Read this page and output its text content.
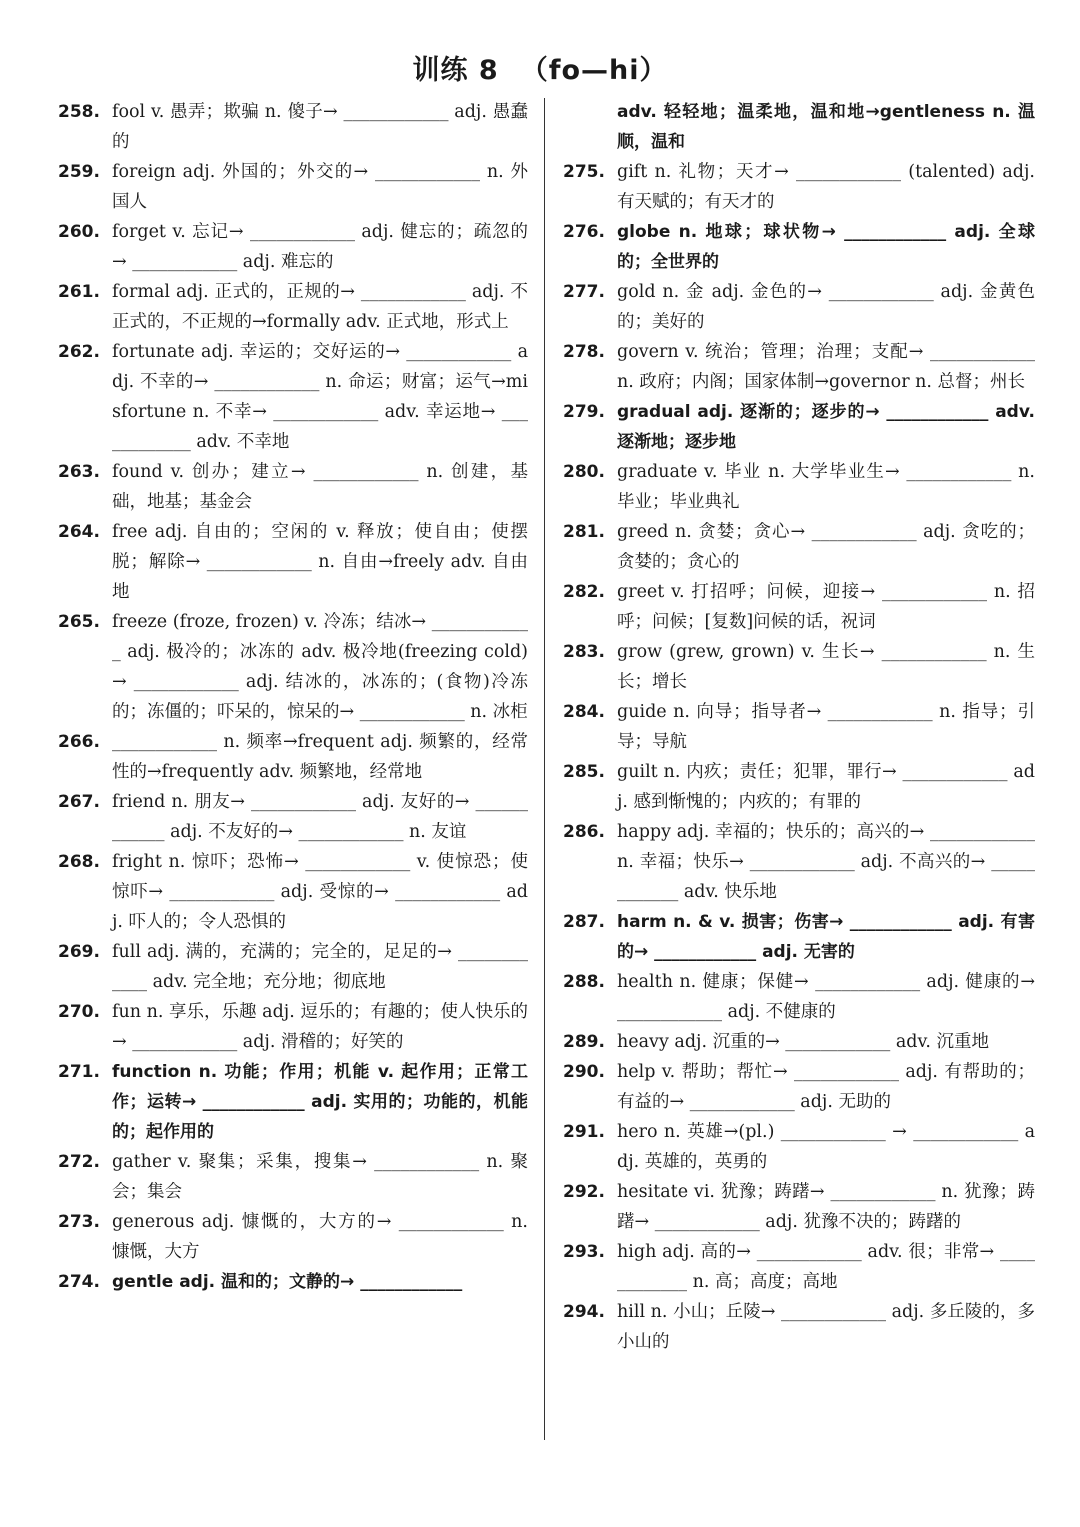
训练 8 （fo—hi）
258. fool v. 愚弄；欺骗 n. 傻子→ ____________ adj. 愚蠢的
259. foreign adj. 外国的；外交的→ ____________ n. 外国人
260. forget v. 忘记→ ____________ adj. 健忘的；疏忽的→ ____________ adj. 难忘的
261. formal adj. 正式的，正规的→ ____________ adj. 不正式的，不正规的→formally adv. 正式地，形式上
262. fortunate adj. 幸运的；交好运的→ ____________ adj. 不幸的→ ____________ n. 命运；财富；运气→misfortune n. 不幸→ ____________ adv. 幸运地→ ____________ adv. 不幸地
263. found v. 创办；建立→ ____________ n. 创建，基础，地基；基金会
264. free adj. 自由的；空闲的 v. 释放；使自由；使摆脱；解除→ ____________ n. 自由→freely adv. 自由地
265. freeze (froze, frozen) v. 冷冻；结冰→ ____________ adj. 极冷的；冰冻的 adv. 极冷地(freezing cold)→ ____________ adj. 结冰的，冰冻的；(食物)冷冻的；冻僵的；吓呆的，惊呆的→ ____________ n. 冰柜
266. ____________ n. 频率→frequent adj. 频繁的，经常性的→frequently adv. 频繁地，经常地
267. friend n. 朋友→ ____________ adj. 友好的→ ____________ adj. 不友好的→ ____________ n. 友谊
268. fright n. 惊吓；恐怖→ ____________ v. 使惊恐；使惊吓→ ____________ adj. 受惊的→ ____________ adj. 吓人的；令人恐惧的
269. full adj. 满的，充满的；完全的，足足的→ ____________ adv. 完全地；充分地；彻底地
270. fun n. 享乐，乐趣 adj. 逗乐的；有趣的；使人快乐的→ ____________ adj. 滑稽的；好笑的
271. function n. 功能；作用；机能 v. 起作用；正常工作；运转→ ____________ adj. 实用的；功能的，机能的；起作用的
272. gather v. 聚集；采集，搜集→ ____________ n. 聚会；集会
273. generous adj. 慷慨的，大方的→ ____________ n. 慷慨，大方
274. gentle adj. 温和的；文静的→ ____________
adv. 轻轻地；温柔地，温和地→gentleness n. 温顺，温和
275. gift n. 礼物；天才→ ____________ (talented) adj. 有天赋的；有天才的
276. globe n. 地球；球状物→ ____________ adj. 全球的；全世界的
277. gold n. 金 adj. 金色的→ ____________ adj. 金黄色的；美好的
278. govern v. 统治；管理；治理；支配→ ____________ n. 政府；内阁；国家体制→governor n. 总督；州长
279. gradual adj. 逐渐的；逐步的→ ____________ adv. 逐渐地；逐步地
280. graduate v. 毕业 n. 大学毕业生→ ____________ n. 毕业；毕业典礼
281. greed n. 贪婪；贪心→ ____________ adj. 贪吃的；贪婪的；贪心的
282. greet v. 打招呼；问候，迎接→ ____________ n. 招呼；问候；[复数]问候的话，祝词
283. grow (grew, grown) v. 生长→ ____________ n. 生长；增长
284. guide n. 向导；指导者→ ____________ n. 指导；引导；导航
285. guilt n. 内疚；责任；犯罪，罪行→ ____________ adj. 感到惭愧的；内疚的；有罪的
286. happy adj. 幸福的；快乐的；高兴的→ ____________ n. 幸福；快乐→ ____________ adj. 不高兴的→ ____________ adv. 快乐地
287. harm n. & v. 损害；伤害→ ____________ adj. 有害的→ ____________ adj. 无害的
288. health n. 健康；保健→ ____________ adj. 健康的→ ____________ adj. 不健康的
289. heavy adj. 沉重的→ ____________ adv. 沉重地
290. help v. 帮助；帮忙→ ____________ adj. 有帮助的；有益的→ ____________ adj. 无助的
291. hero n. 英雄→(pl.) ____________ → ____________ adj. 英雄的，英勇的
292. hesitate vi. 犹豫；踌躇→ ____________ n. 犹豫；踌躇→ ____________ adj. 犹豫不决的；踌躇的
293. high adj. 高的→ ____________ adv. 很；非常→ ____________ n. 高；高度；高地
294. hill n. 小山；丘陵→ ____________ adj. 多丘陵的，多小山的
